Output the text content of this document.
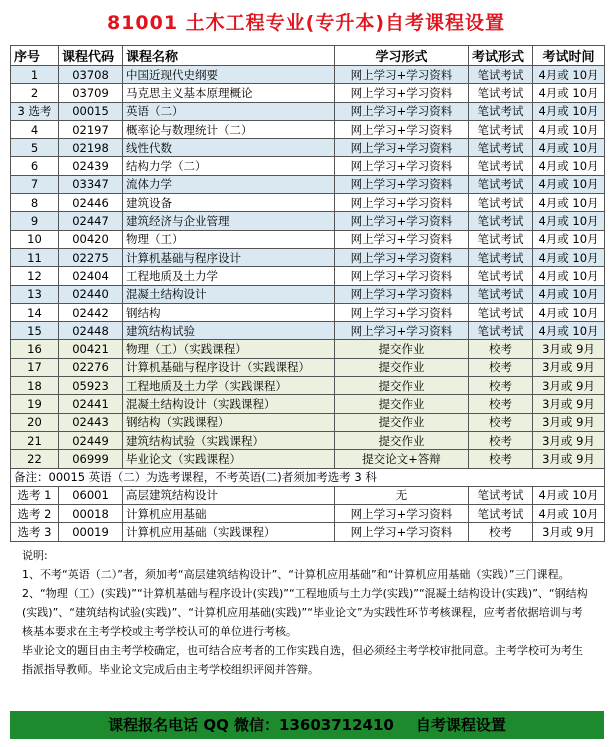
81001 土木工程专业(专升本)自考课程设置
序号	课程代码	课程名称	学习形式	考试形式	考试时间
1	03708	中国近现代史纲要	网上学习+学习资料	笔试考试	4月或 10月
2	03709	马克思主义基本原理概论	网上学习+学习资料	笔试考试	4月或 10月
3 选考	00015	英语（二）	网上学习+学习资料	笔试考试	4月或 10月
4	02197	概率论与数理统计（二）	网上学习+学习资料	笔试考试	4月或 10月
5	02198	线性代数	网上学习+学习资料	笔试考试	4月或 10月
6	02439	结构力学（二）	网上学习+学习资料	笔试考试	4月或 10月
7	03347	流体力学	网上学习+学习资料	笔试考试	4月或 10月
8	02446	建筑设备	网上学习+学习资料	笔试考试	4月或 10月
9	02447	建筑经济与企业管理	网上学习+学习资料	笔试考试	4月或 10月
10	00420	物理（工）	网上学习+学习资料	笔试考试	4月或 10月
11	02275	计算机基础与程序设计	网上学习+学习资料	笔试考试	4月或 10月
12	02404	工程地质及土力学	网上学习+学习资料	笔试考试	4月或 10月
13	02440	混凝土结构设计	网上学习+学习资料	笔试考试	4月或 10月
14	02442	钢结构	网上学习+学习资料	笔试考试	4月或 10月
15	02448	建筑结构试验	网上学习+学习资料	笔试考试	4月或 10月
16	00421	物理（工）（实践课程）	提交作业	校考	3月或 9月
17	02276	计算机基础与程序设计（实践课程）	提交作业	校考	3月或 9月
18	05923	工程地质及土力学（实践课程）	提交作业	校考	3月或 9月
19	02441	混凝土结构设计（实践课程）	提交作业	校考	3月或 9月
20	02443	钢结构（实践课程）	提交作业	校考	3月或 9月
21	02449	建筑结构试验（实践课程）	提交作业	校考	3月或 9月
22	06999	毕业论文（实践课程）	提交论文+答辩	校考	3月或 9月
备注：00015 英语（二）为选考课程，不考英语(二)者须加考选考 3 科					
选考 1	06001	高层建筑结构设计	无	笔试考试	4月或 10月
选考 2	00018	计算机应用基础	网上学习+学习资料	笔试考试	4月或 10月
选考 3	00019	计算机应用基础（实践课程）	网上学习+学习资料	校考	3月或 9月

说明:

1、不考“英语（二）”者，须加考“高层建筑结构设计”、“计算机应用基础”和“计算机应用基础（实践）”三门课程。

2、“物理（工）(实践)”“计算机基础与程序设计(实践)”“工程地质与土力学(实践)”“混凝土结构设计(实践)”、“钢结构(实践)”、“建筑结构试验(实践)”、“计算机应用基础(实践)”“毕业论文”为实践性环节考核课程，应考者依据培训与考核基本要求在主考学校或主考学校认可的单位进行考核。

毕业论文的题目由主考学校确定，也可结合应考者的工作实践自选，但必须经主考学校审批同意。主考学校可为考生指派指导教师。毕业论文完成后由主考学校组织评阅并答辩。

课程报名电话 QQ 微信：13603712410 自考课程设置
